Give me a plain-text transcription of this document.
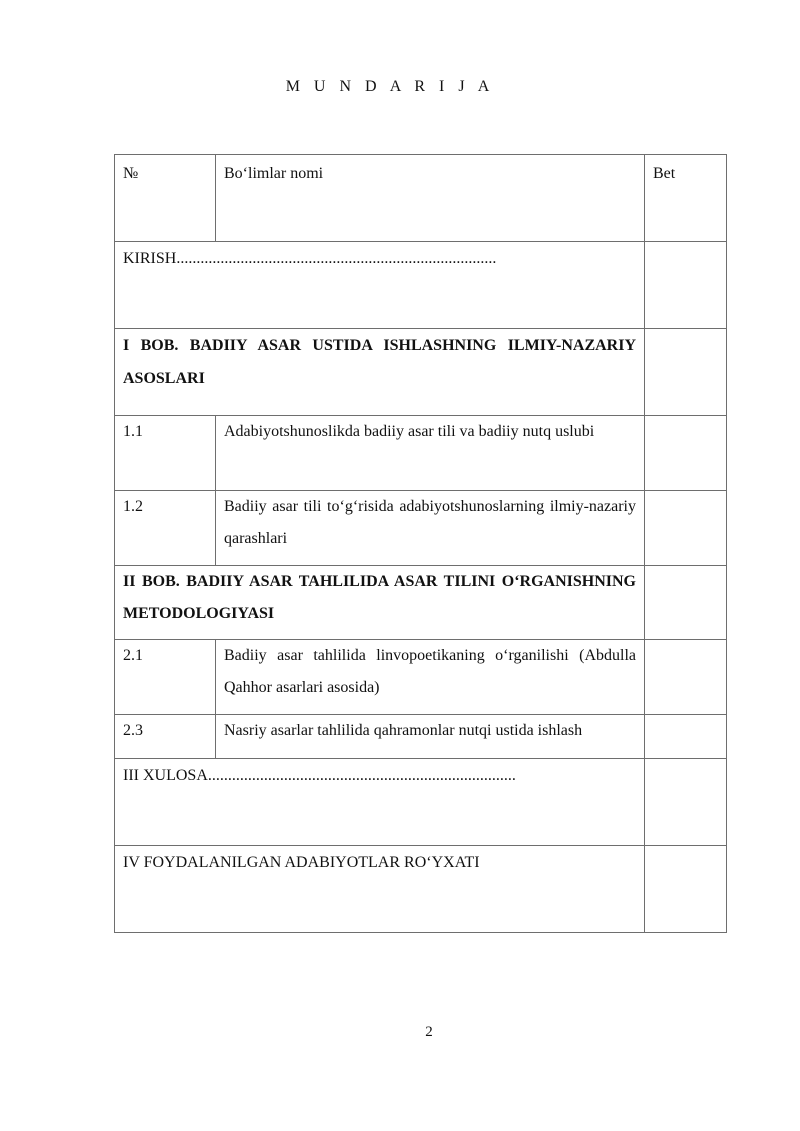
M U N D A R I J A
№	Bo‘limlar nomi	Bet
KIRISH................................................................................		
I BOB. BADIIY ASAR USTIDA ISHLASHNING ILMIY-NAZARIY ASOSLARI		
1.1	Adabiyotshunoslikda badiiy asar tili va badiiy nutq uslubi	
1.2	Badiiy asar tili to‘g‘risida adabiyotshunoslarning ilmiy-nazariy qarashlari	
II BOB. BADIIY ASAR TAHLILIDA ASAR TILINI O‘RGANISHNING METODOLOGIYASI		
2.1	Badiiy asar tahlilida linvopoetikaning o‘rganilishi (Abdulla Qahhor asarlari asosida)	
2.3	Nasriy asarlar tahlilida qahramonlar nutqi ustida ishlash	
III XULOSA.............................................................................		
IV FOYDALANILGAN ADABIYOTLAR RO‘YXATI		
2
